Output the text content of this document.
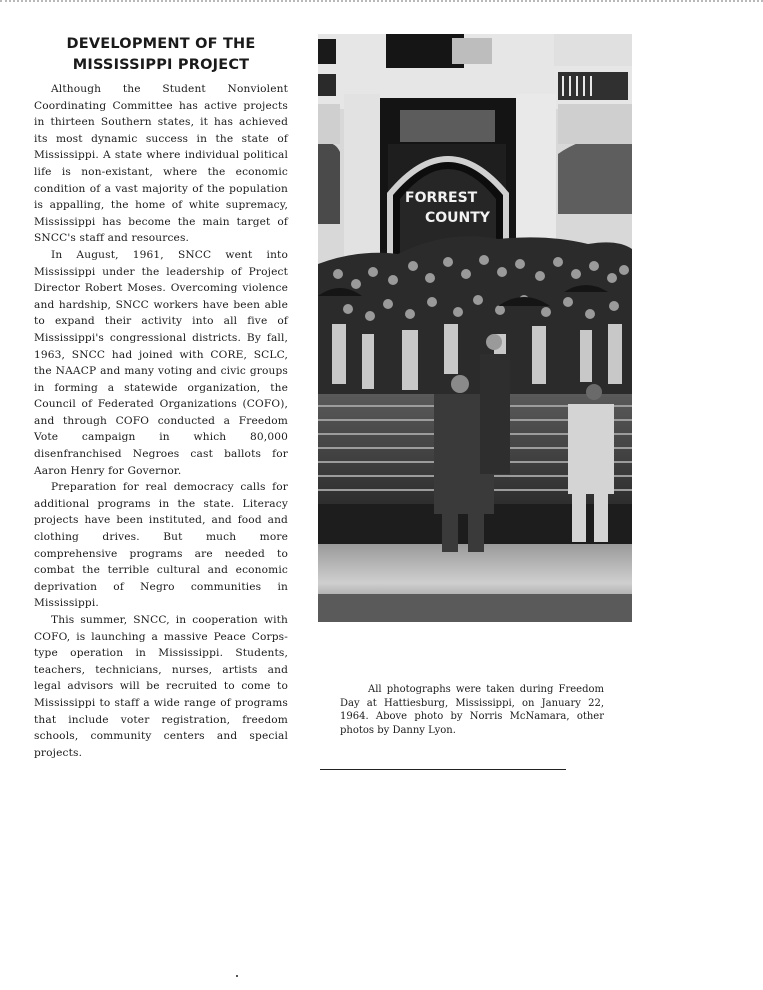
DEVELOPMENT OF THE
MISSISSIPPI PROJECT

Although the Student Nonviolent Coordinating Committee has active projects in thirteen Southern states, it has achieved its most dynamic success in the state of Mississippi. A state where individual political life is non-existant, where the economic condition of a vast majority of the population is appalling, the home of white supremacy, Mississippi has become the main target of SNCC's staff and resources.

In August, 1961, SNCC went into Mississippi under the leadership of Project Director Robert Moses. Overcoming violence and hardship, SNCC workers have been able to expand their activity into all five of Mississippi's congressional districts. By fall, 1963, SNCC had joined with CORE, SCLC, the NAACP and many voting and civic groups in forming a statewide organization, the Council of Federated Organizations (COFO), and through COFO conducted a Freedom Vote campaign in which 80,000 disenfranchised Negroes cast ballots for Aaron Henry for Governor.

Preparation for real democracy calls for additional programs in the state. Literacy projects have been instituted, and food and clothing drives. But much more comprehensive programs are needed to combat the terrible cultural and economic deprivation of Negro communities in Mississippi.

This summer, SNCC, in cooperation with COFO, is launching a massive Peace Corps-type operation in Mississippi. Students, teachers, technicians, nurses, artists and legal advisors will be recruited to come to Mississippi to staff a wide range of programs that include voter registration, freedom schools, community centers and special projects.

FORREST
COUNTY

All photographs were taken during Freedom Day at Hattiesburg, Mississippi, on January 22, 1964. Above photo by Norris McNamara, other photos by Danny Lyon.
